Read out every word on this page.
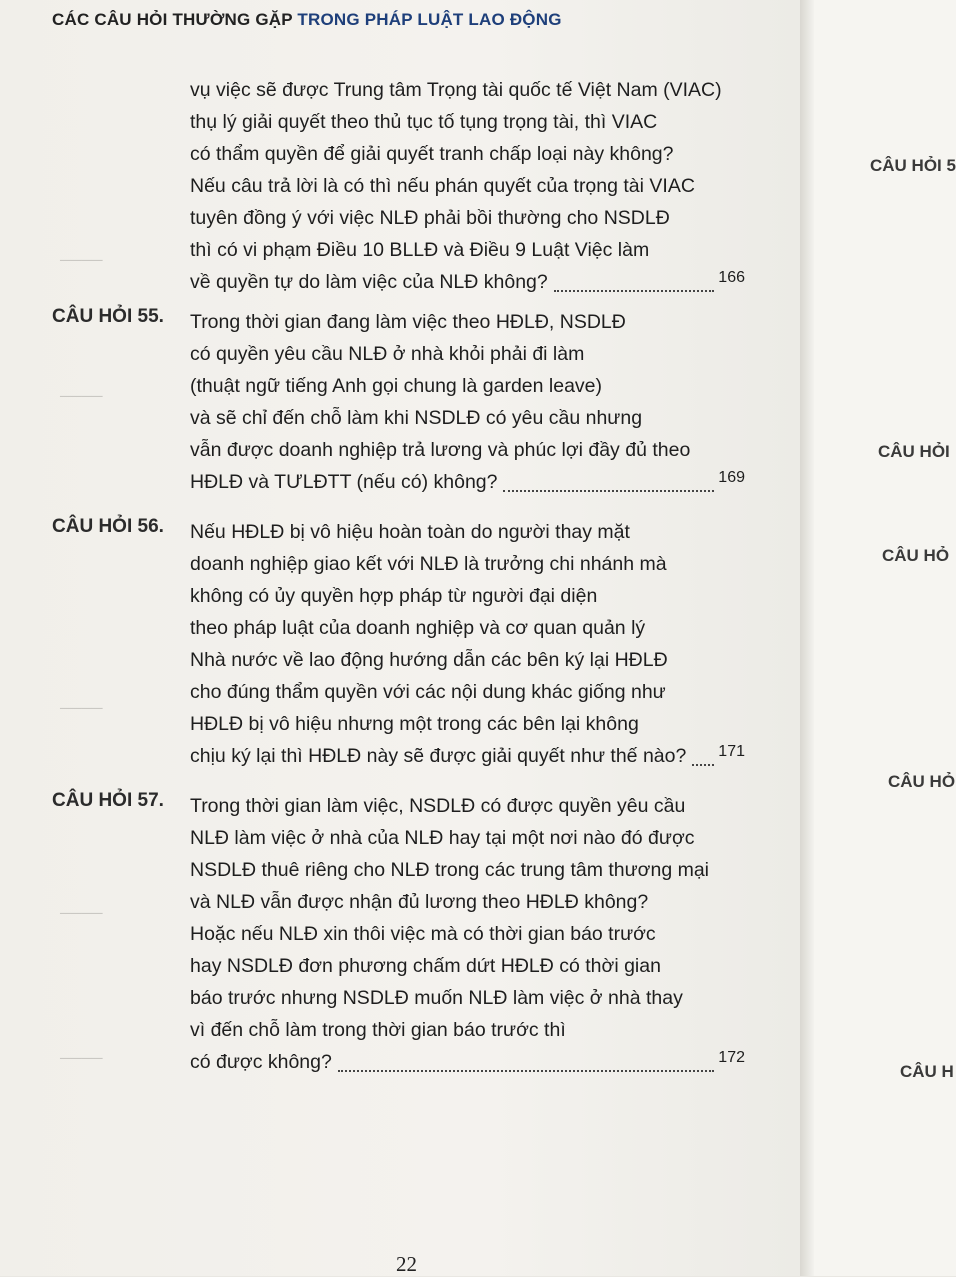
CÁC CÂU HỎI THƯỜNG GẶP TRONG PHÁP LUẬT LAO ĐỘNG

────
────
────
────
────
vụ việc sẽ được Trung tâm Trọng tài quốc tế Việt Nam (VIAC)
thụ lý giải quyết theo thủ tục tố tụng trọng tài, thì VIAC
có thẩm quyền để giải quyết tranh chấp loại này không?
Nếu câu trả lời là có thì nếu phán quyết của trọng tài VIAC
tuyên đồng ý với việc NLĐ phải bồi thường cho NSDLĐ
thì có vi phạm Điều 10 BLLĐ và Điều 9 Luật Việc làm
về quyền tự do làm việc của NLĐ không?	166
CÂU HỎI 55. Trong thời gian đang làm việc theo HĐLĐ, NSDLĐ
có quyền yêu cầu NLĐ ở nhà khỏi phải đi làm
(thuật ngữ tiếng Anh gọi chung là garden leave)
và sẽ chỉ đến chỗ làm khi NSDLĐ có yêu cầu nhưng
vẫn được doanh nghiệp trả lương và phúc lợi đầy đủ theo
HĐLĐ và TƯLĐTT (nếu có) không?	169
CÂU HỎI 56. Nếu HĐLĐ bị vô hiệu hoàn toàn do người thay mặt
doanh nghiệp giao kết với NLĐ là trưởng chi nhánh mà
không có ủy quyền hợp pháp từ người đại diện
theo pháp luật của doanh nghiệp và cơ quan quản lý
Nhà nước về lao động hướng dẫn các bên ký lại HĐLĐ
cho đúng thẩm quyền với các nội dung khác giống như
HĐLĐ bị vô hiệu nhưng một trong các bên lại không
chịu ký lại thì HĐLĐ này sẽ được giải quyết như thế nào? 171
CÂU HỎI 57. Trong thời gian làm việc, NSDLĐ có được quyền yêu cầu
NLĐ làm việc ở nhà của NLĐ hay tại một nơi nào đó được
NSDLĐ thuê riêng cho NLĐ trong các trung tâm thương mại
và NLĐ vẫn được nhận đủ lương theo HĐLĐ không?
Hoặc nếu NLĐ xin thôi việc mà có thời gian báo trước
hay NSDLĐ đơn phương chấm dứt HĐLĐ có thời gian
báo trước nhưng NSDLĐ muốn NLĐ làm việc ở nhà thay
vì đến chỗ làm trong thời gian báo trước thì
có được không?	172
22
CÂU HỎI 5
CÂU HỎI
CÂU HỎ
CÂU HỎ
CÂU H
